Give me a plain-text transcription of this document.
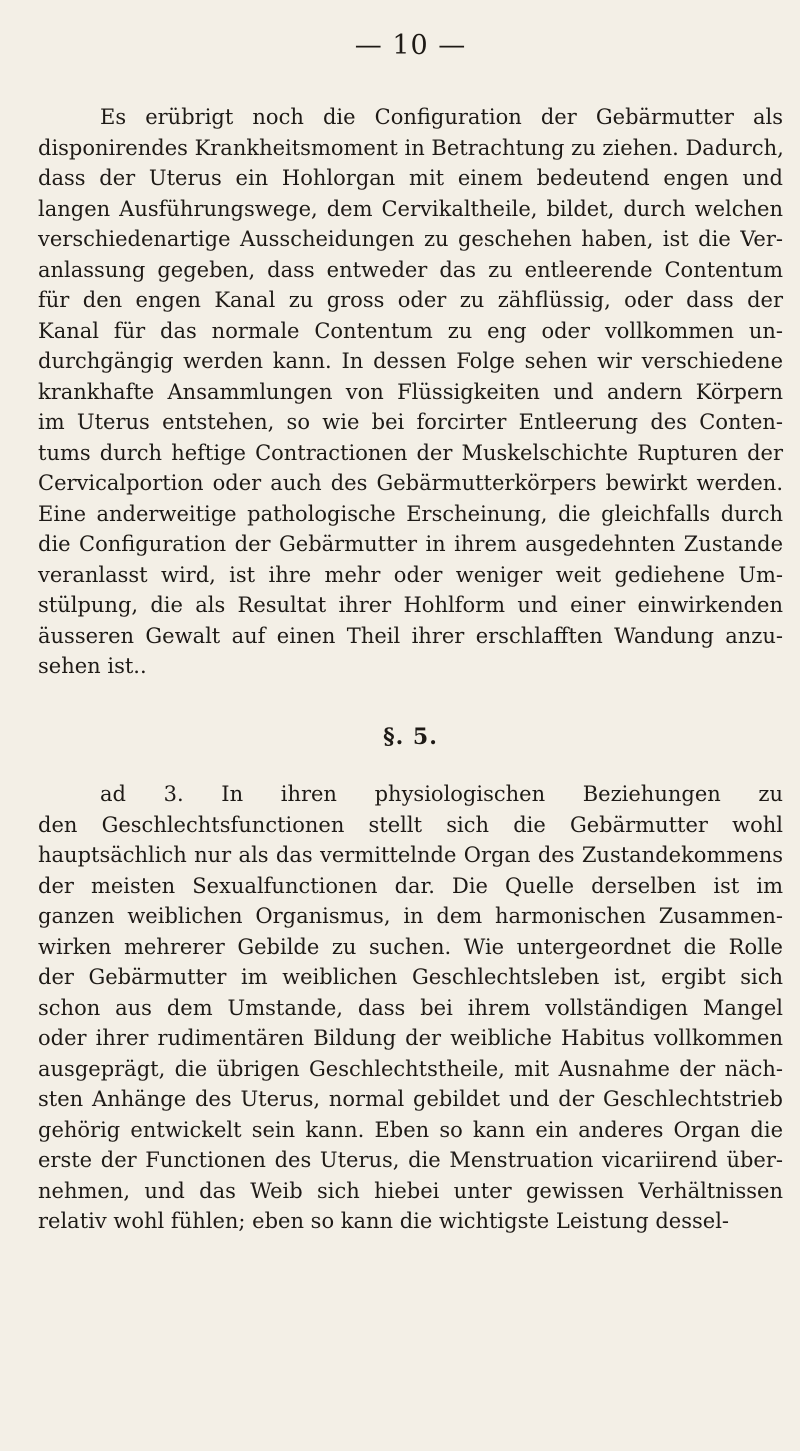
— 10 —
Es erübrigt noch die Configuration der Gebärmutter als
disponirendes Krankheitsmoment in Betrachtung zu ziehen. Dadurch,
dass der Uterus ein Hohlorgan mit einem bedeutend engen und
langen Ausführungswege, dem Cervikaltheile, bildet, durch welchen
verschiedenartige Ausscheidungen zu geschehen haben, ist die Ver-
anlassung gegeben, dass entweder das zu entleerende Contentum
für den engen Kanal zu gross oder zu zähflüssig, oder dass der
Kanal für das normale Contentum zu eng oder vollkommen un-
durchgängig werden kann. In dessen Folge sehen wir verschiedene
krankhafte Ansammlungen von Flüssigkeiten und andern Körpern
im Uterus entstehen, so wie bei forcirter Entleerung des Conten-
tums durch heftige Contractionen der Muskelschichte Rupturen der
Cervicalportion oder auch des Gebärmutterkörpers bewirkt werden.
Eine anderweitige pathologische Erscheinung, die gleichfalls durch
die Configuration der Gebärmutter in ihrem ausgedehnten Zustande
veranlasst wird, ist ihre mehr oder weniger weit gediehene Um-
stülpung, die als Resultat ihrer Hohlform und einer einwirkenden
äusseren Gewalt auf einen Theil ihrer erschlafften Wandung anzu-
sehen ist..
§. 5.
ad 3. In ihren physiologischen Beziehungen zu
den Geschlechtsfunctionen stellt sich die Gebärmutter wohl
hauptsächlich nur als das vermittelnde Organ des Zustandekommens
der meisten Sexualfunctionen dar. Die Quelle derselben ist im
ganzen weiblichen Organismus, in dem harmonischen Zusammen-
wirken mehrerer Gebilde zu suchen. Wie untergeordnet die Rolle
der Gebärmutter im weiblichen Geschlechtsleben ist, ergibt sich
schon aus dem Umstande, dass bei ihrem vollständigen Mangel
oder ihrer rudimentären Bildung der weibliche Habitus vollkommen
ausgeprägt, die übrigen Geschlechtstheile, mit Ausnahme der näch-
sten Anhänge des Uterus, normal gebildet und der Geschlechtstrieb
gehörig entwickelt sein kann. Eben so kann ein anderes Organ die
erste der Functionen des Uterus, die Menstruation vicariirend über-
nehmen, und das Weib sich hiebei unter gewissen Verhältnissen
relativ wohl fühlen; eben so kann die wichtigste Leistung dessel-
